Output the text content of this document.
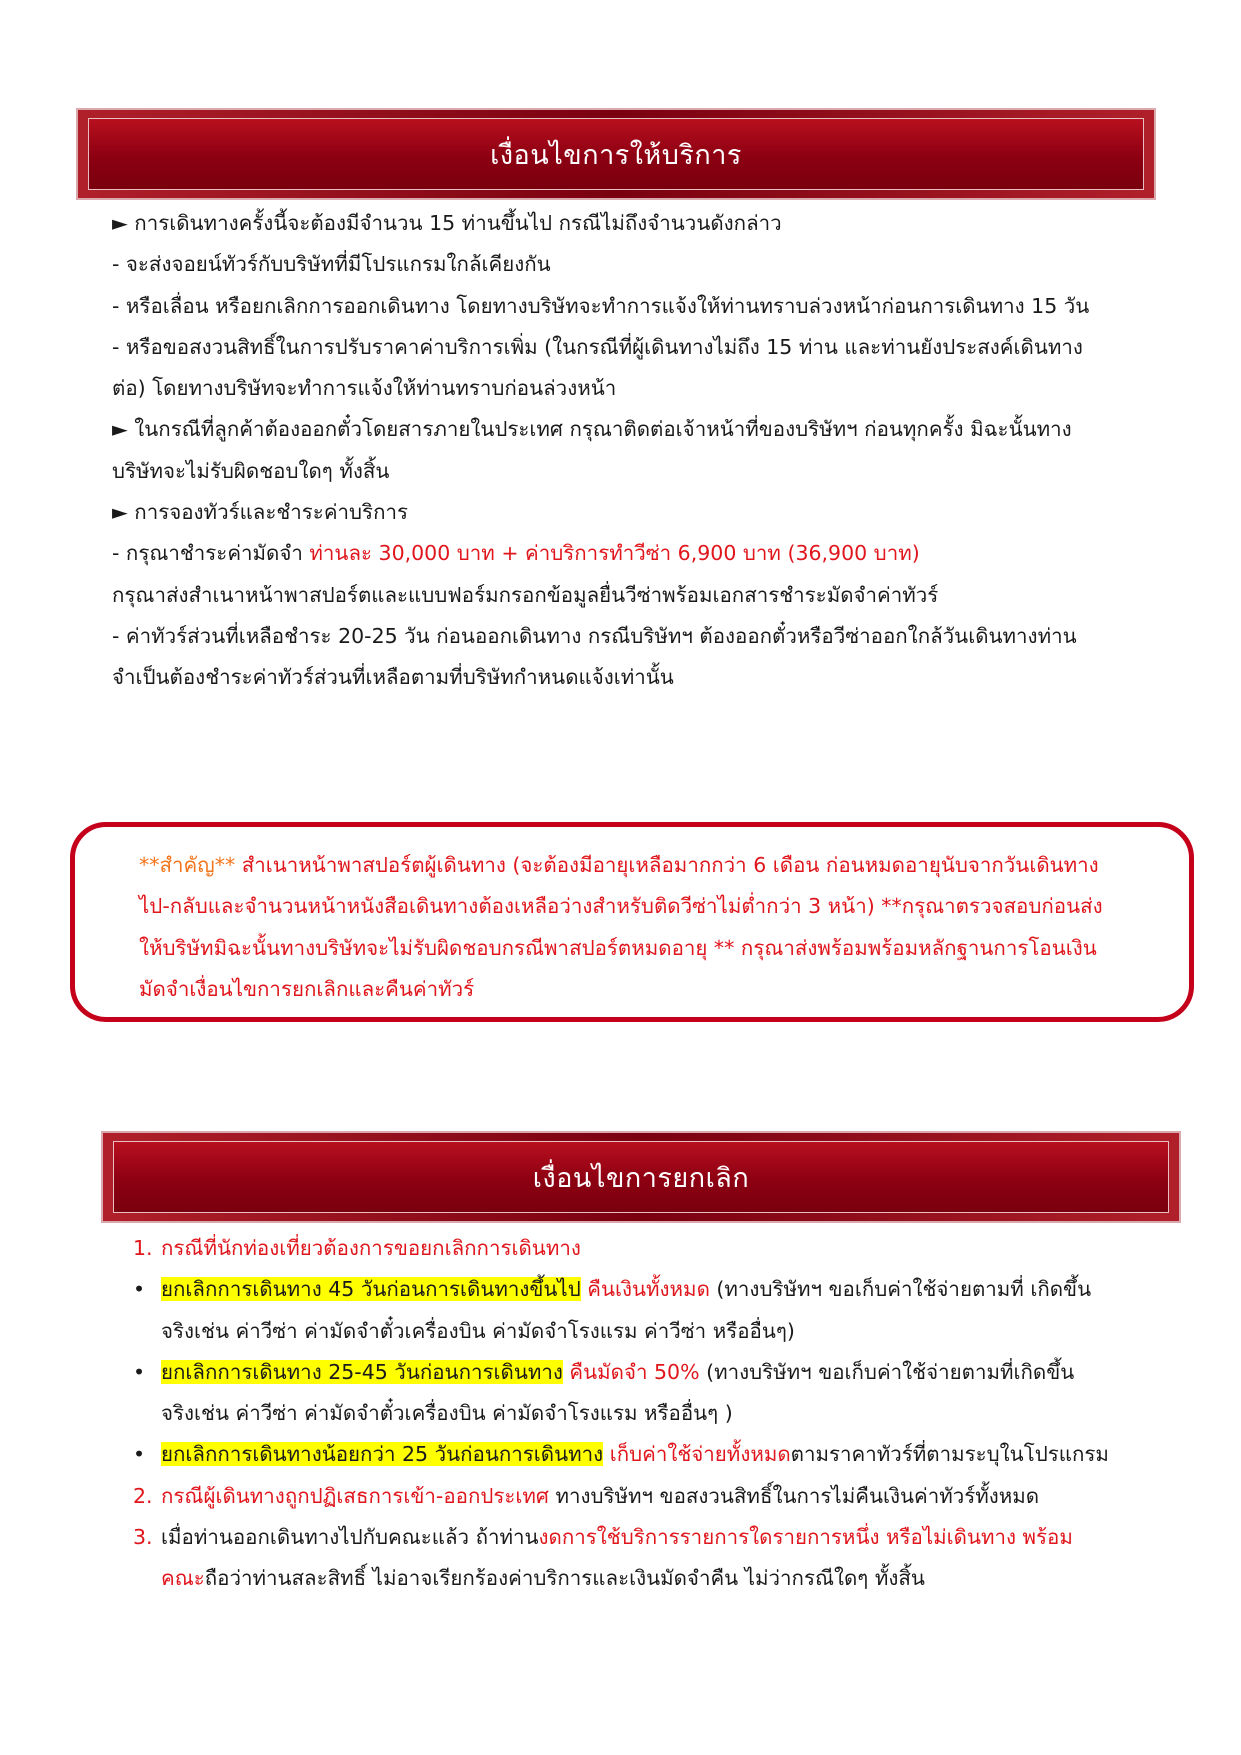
เงื่อนไขการให้บริการ
► การเดินทางครั้งนี้จะต้องมีจำนวน 15 ท่านขึ้นไป กรณีไม่ถึงจำนวนดังกล่าว
- จะส่งจอยน์ทัวร์กับบริษัทที่มีโปรแกรมใกล้เคียงกัน
- หรือเลื่อน หรือยกเลิกการออกเดินทาง โดยทางบริษัทจะทำการแจ้งให้ท่านทราบล่วงหน้าก่อนการเดินทาง 15 วัน
- หรือขอสงวนสิทธิ์ในการปรับราคาค่าบริการเพิ่ม (ในกรณีที่ผู้เดินทางไม่ถึง 15 ท่าน และท่านยังประสงค์เดินทาง
ต่อ) โดยทางบริษัทจะทำการแจ้งให้ท่านทราบก่อนล่วงหน้า
► ในกรณีที่ลูกค้าต้องออกตั๋วโดยสารภายในประเทศ กรุณาติดต่อเจ้าหน้าที่ของบริษัทฯ ก่อนทุกครั้ง มิฉะนั้นทาง
บริษัทจะไม่รับผิดชอบใดๆ ทั้งสิ้น
► การจองทัวร์และชำระค่าบริการ
- กรุณาชำระค่ามัดจำ ท่านละ 30,000 บาท + ค่าบริการทำวีซ่า 6,900 บาท (36,900 บาท)
กรุณาส่งสำเนาหน้าพาสปอร์ตและแบบฟอร์มกรอกข้อมูลยื่นวีซ่าพร้อมเอกสารชำระมัดจำค่าทัวร์
- ค่าทัวร์ส่วนที่เหลือชำระ 20-25 วัน ก่อนออกเดินทาง กรณีบริษัทฯ ต้องออกตั๋วหรือวีซ่าออกใกล้วันเดินทางท่าน
จำเป็นต้องชำระค่าทัวร์ส่วนที่เหลือตามที่บริษัทกำหนดแจ้งเท่านั้น
**สำคัญ** สำเนาหน้าพาสปอร์ตผู้เดินทาง (จะต้องมีอายุเหลือมากกว่า 6 เดือน ก่อนหมดอายุนับจากวันเดินทาง
ไป-กลับและจำนวนหน้าหนังสือเดินทางต้องเหลือว่างสำหรับติดวีซ่าไม่ต่ำกว่า 3 หน้า) **กรุณาตรวจสอบก่อนส่ง
ให้บริษัทมิฉะนั้นทางบริษัทจะไม่รับผิดชอบกรณีพาสปอร์ตหมดอายุ ** กรุณาส่งพร้อมพร้อมหลักฐานการโอนเงิน
มัดจำเงื่อนไขการยกเลิกและคืนค่าทัวร์
เงื่อนไขการยกเลิก
1. กรณีที่นักท่องเที่ยวต้องการขอยกเลิกการเดินทาง
• ยกเลิกการเดินทาง 45 วันก่อนการเดินทางขึ้นไป คืนเงินทั้งหมด (ทางบริษัทฯ ขอเก็บค่าใช้จ่ายตามที่ เกิดขึ้น
จริงเช่น ค่าวีซ่า ค่ามัดจำตั๋วเครื่องบิน ค่ามัดจำโรงแรม ค่าวีซ่า หรืออื่นๆ)
• ยกเลิกการเดินทาง 25-45 วันก่อนการเดินทาง คืนมัดจำ 50% (ทางบริษัทฯ ขอเก็บค่าใช้จ่ายตามที่เกิดขึ้น
จริงเช่น ค่าวีซ่า ค่ามัดจำตั๋วเครื่องบิน ค่ามัดจำโรงแรม หรืออื่นๆ )
• ยกเลิกการเดินทางน้อยกว่า 25 วันก่อนการเดินทาง เก็บค่าใช้จ่ายทั้งหมดตามราคาทัวร์ที่ตามระบุในโปรแกรม
2. กรณีผู้เดินทางถูกปฏิเสธการเข้า-ออกประเทศ ทางบริษัทฯ ขอสงวนสิทธิ์ในการไม่คืนเงินค่าทัวร์ทั้งหมด
3. เมื่อท่านออกเดินทางไปกับคณะแล้ว ถ้าท่านงดการใช้บริการรายการใดรายการหนึ่ง หรือไม่เดินทาง พร้อม
คณะถือว่าท่านสละสิทธิ์ ไม่อาจเรียกร้องค่าบริการและเงินมัดจำคืน ไม่ว่ากรณีใดๆ ทั้งสิ้น
